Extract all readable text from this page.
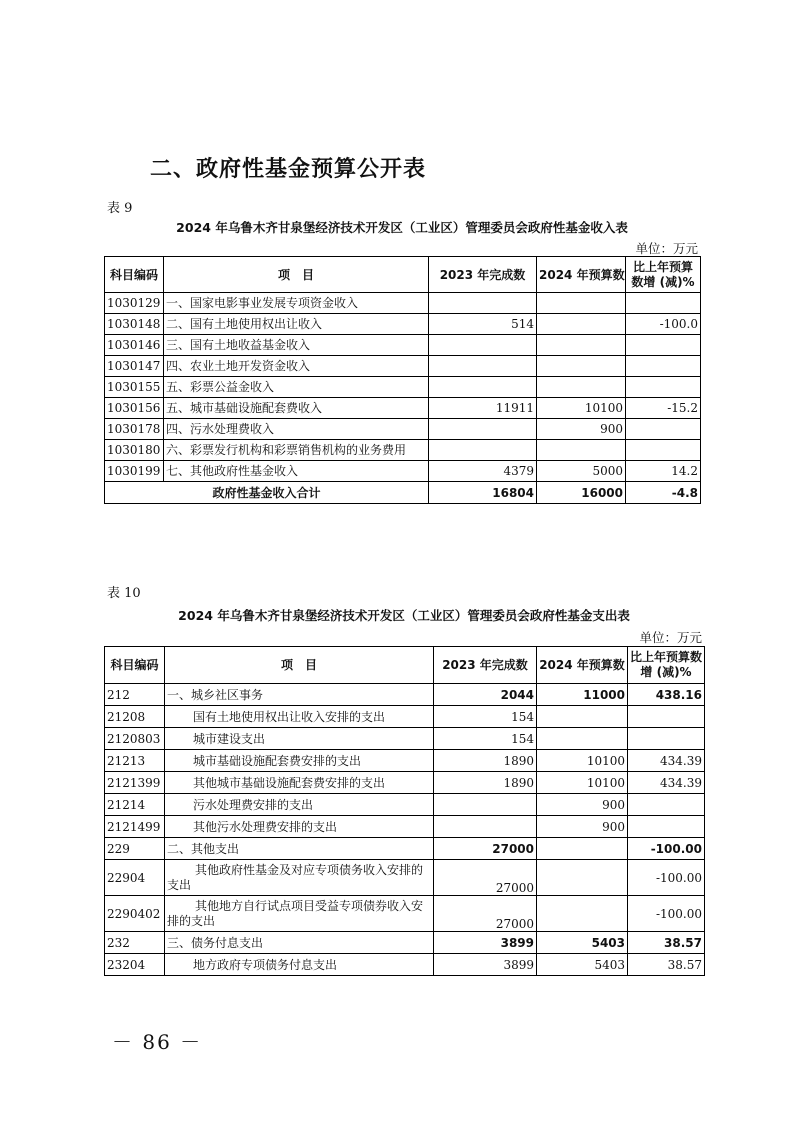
二、政府性基金预算公开表
表 9
2024 年乌鲁木齐甘泉堡经济技术开发区（工业区）管理委员会政府性基金收入表
单位：万元
科目编码	项　目	2023 年完成数	2024 年预算数	比上年预算数增 (减)%
1030129	一、国家电影事业发展专项资金收入			
1030148	二、国有土地使用权出让收入	514		-100.0
1030146	三、国有土地收益基金收入			
1030147	四、农业土地开发资金收入			
1030155	五、彩票公益金收入			
1030156	五、城市基础设施配套费收入	11911	10100	-15.2
1030178	四、污水处理费收入		900	
1030180	六、彩票发行机构和彩票销售机构的业务费用			
1030199	七、其他政府性基金收入	4379	5000	14.2
政府性基金收入合计		16804	16000	-4.8
表 10
2024 年乌鲁木齐甘泉堡经济技术开发区（工业区）管理委员会政府性基金支出表
单位：万元
科目编码	项　目	2023 年完成数	2024 年预算数	比上年预算数增 (减)%
212	一、城乡社区事务	2044	11000	438.16
21208	国有土地使用权出让收入安排的支出	154		
2120803	城市建设支出	154		
21213	城市基础设施配套费安排的支出	1890	10100	434.39
2121399	其他城市基础设施配套费安排的支出	1890	10100	434.39
21214	污水处理费安排的支出		900	
2121499	其他污水处理费安排的支出		900	
229	二、其他支出	27000		-100.00
22904	其他政府性基金及对应专项债务收入安排的支出	27000		-100.00
2290402	其他地方自行试点项目受益专项债券收入安排的支出	27000		-100.00
232	三、债务付息支出	3899	5403	38.57
23204	地方政府专项债务付息支出	3899	5403	38.57
－ 86 －
